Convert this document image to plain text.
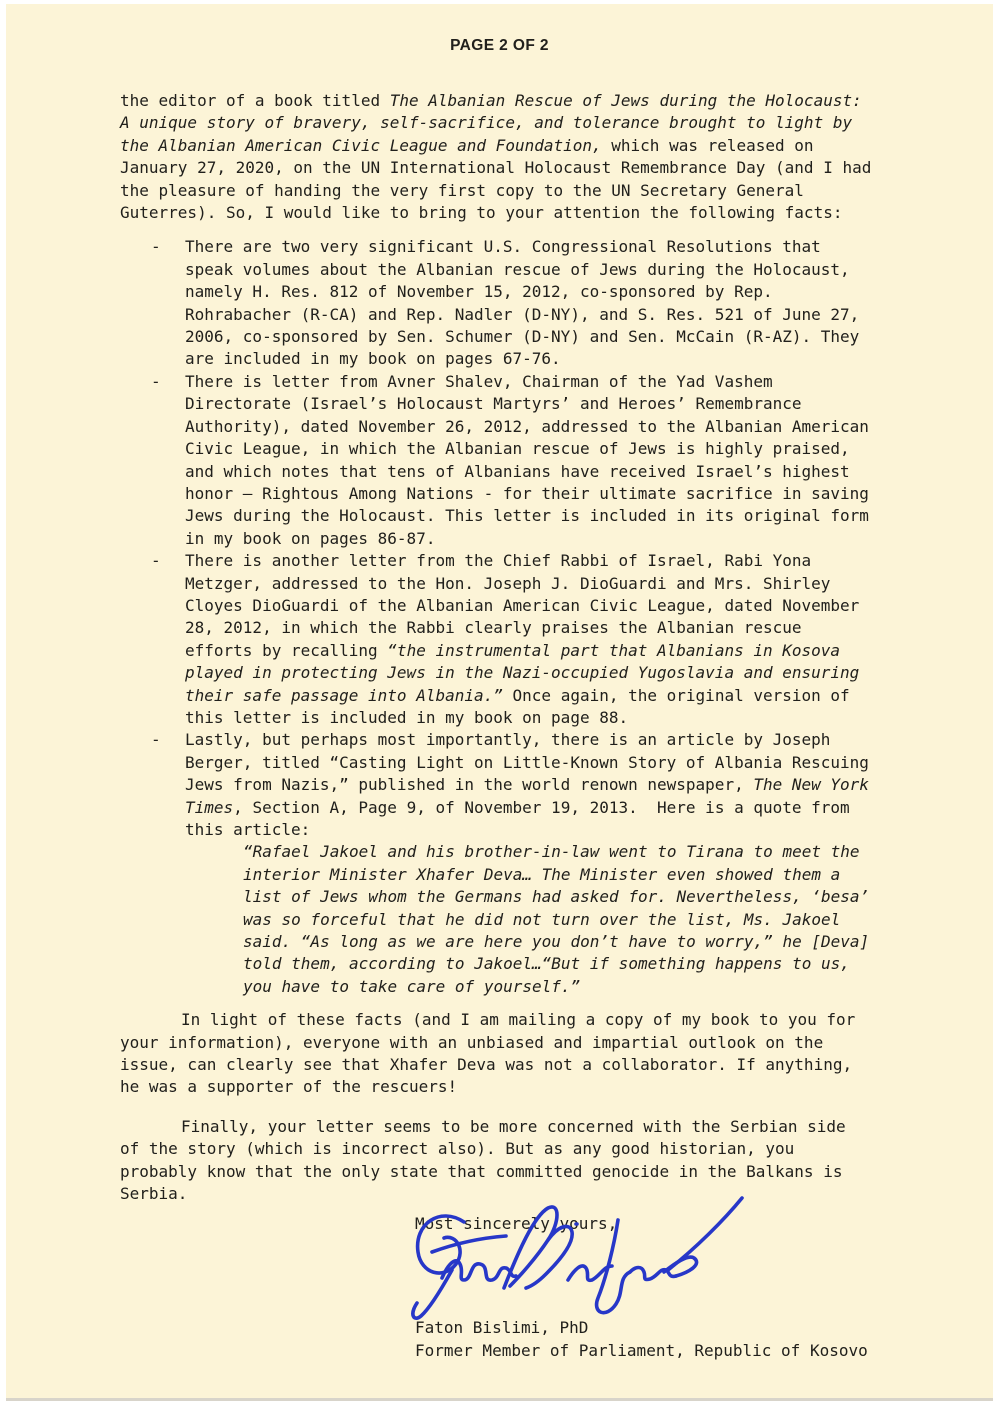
PAGE 2 OF 2
the editor of a book titled The Albanian Rescue of Jews during the Holocaust:
A unique story of bravery, self-sacrifice, and tolerance brought to light by
the Albanian American Civic League and Foundation, which was released on
January 27, 2020, on the UN International Holocaust Remembrance Day (and I had
the pleasure of handing the very first copy to the UN Secretary General
Guterres). So, I would like to bring to your attention the following facts:
- There are two very significant U.S. Congressional Resolutions that
speak volumes about the Albanian rescue of Jews during the Holocaust,
namely H. Res. 812 of November 15, 2012, co-sponsored by Rep.
Rohrabacher (R-CA) and Rep. Nadler (D-NY), and S. Res. 521 of June 27,
2006, co-sponsored by Sen. Schumer (D-NY) and Sen. McCain (R-AZ). They
are included in my book on pages 67-76.
- There is letter from Avner Shalev, Chairman of the Yad Vashem
Directorate (Israel’s Holocaust Martyrs’ and Heroes’ Remembrance
Authority), dated November 26, 2012, addressed to the Albanian American
Civic League, in which the Albanian rescue of Jews is highly praised,
and which notes that tens of Albanians have received Israel’s highest
honor – Rightous Among Nations - for their ultimate sacrifice in saving
Jews during the Holocaust. This letter is included in its original form
in my book on pages 86-87.
- There is another letter from the Chief Rabbi of Israel, Rabi Yona
Metzger, addressed to the Hon. Joseph J. DioGuardi and Mrs. Shirley
Cloyes DioGuardi of the Albanian American Civic League, dated November
28, 2012, in which the Rabbi clearly praises the Albanian rescue
efforts by recalling “the instrumental part that Albanians in Kosova
played in protecting Jews in the Nazi-occupied Yugoslavia and ensuring
their safe passage into Albania.” Once again, the original version of
this letter is included in my book on page 88.
- Lastly, but perhaps most importantly, there is an article by Joseph
Berger, titled “Casting Light on Little-Known Story of Albania Rescuing
Jews from Nazis,” published in the world renown newspaper, The New York
Times, Section A, Page 9, of November 19, 2013.  Here is a quote from
this article:
“Rafael Jakoel and his brother-in-law went to Tirana to meet the
interior Minister Xhafer Deva… The Minister even showed them a
list of Jews whom the Germans had asked for. Nevertheless, ‘besa’
was so forceful that he did not turn over the list, Ms. Jakoel
said. “As long as we are here you don’t have to worry,” he [Deva]
told them, according to Jakoel…“But if something happens to us,
you have to take care of yourself.”
In light of these facts (and I am mailing a copy of my book to you for
your information), everyone with an unbiased and impartial outlook on the
issue, can clearly see that Xhafer Deva was not a collaborator. If anything,
he was a supporter of the rescuers!
Finally, your letter seems to be more concerned with the Serbian side
of the story (which is incorrect also). But as any good historian, you
probably know that the only state that committed genocide in the Balkans is
Serbia.
Most sincerely yours,
Faton Bislimi, PhD
Former Member of Parliament, Republic of Kosovo
